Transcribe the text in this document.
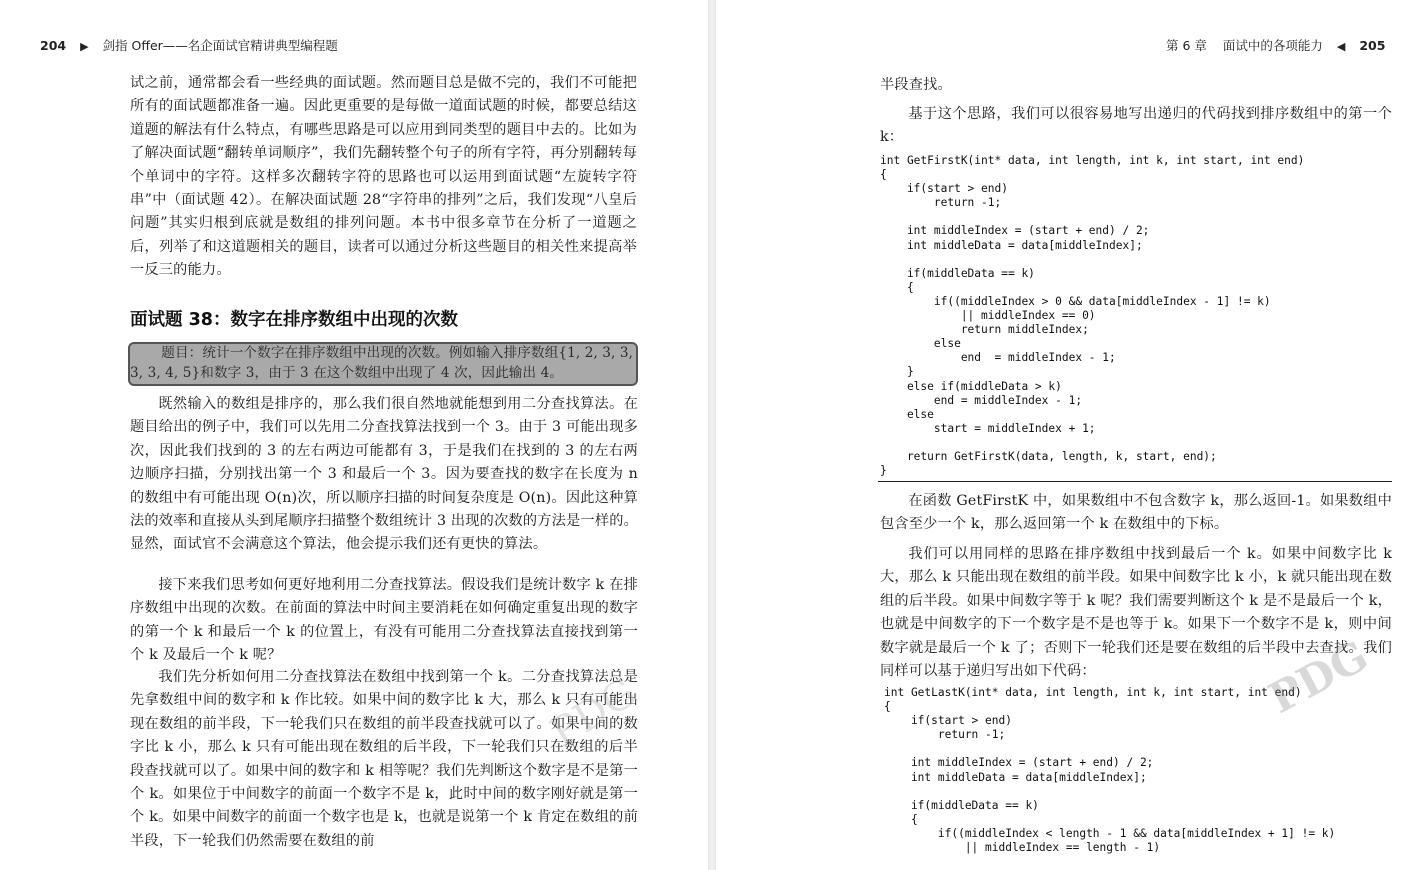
204 ▶ 剑指 Offer——名企面试官精讲典型编程题

试之前，通常都会看一些经典的面试题。然而题目总是做不完的，我们不可能把所有的面试题都准备一遍。因此更重要的是每做一道面试题的时候，都要总结这道题的解法有什么特点，有哪些思路是可以应用到同类型的题目中去的。比如为了解决面试题“翻转单词顺序”，我们先翻转整个句子的所有字符，再分别翻转每个单词中的字符。这样多次翻转字符的思路也可以运用到面试题“左旋转字符串”中（面试题 42）。在解决面试题 28“字符串的排列”之后，我们发现“八皇后问题”其实归根到底就是数组的排列问题。本书中很多章节在分析了一道题之后，列举了和这道题相关的题目，读者可以通过分析这些题目的相关性来提高举一反三的能力。

面试题 38：数字在排序数组中出现的次数

题目：统计一个数字在排序数组中出现的次数。例如输入排序数组{1, 2, 3, 3, 3, 3, 4, 5}和数字 3，由于 3 在这个数组中出现了 4 次，因此输出 4。

既然输入的数组是排序的，那么我们很自然地就能想到用二分查找算法。在题目给出的例子中，我们可以先用二分查找算法找到一个 3。由于 3 可能出现多次，因此我们找到的 3 的左右两边可能都有 3，于是我们在找到的 3 的左右两边顺序扫描，分别找出第一个 3 和最后一个 3。因为要查找的数字在长度为 n 的数组中有可能出现 O(n)次，所以顺序扫描的时间复杂度是 O(n)。因此这种算法的效率和直接从头到尾顺序扫描整个数组统计 3 出现的次数的方法是一样的。显然，面试官不会满意这个算法，他会提示我们还有更快的算法。

接下来我们思考如何更好地利用二分查找算法。假设我们是统计数字 k 在排序数组中出现的次数。在前面的算法中时间主要消耗在如何确定重复出现的数字的第一个 k 和最后一个 k 的位置上，有没有可能用二分查找算法直接找到第一个 k 及最后一个 k 呢？

我们先分析如何用二分查找算法在数组中找到第一个 k。二分查找算法总是先拿数组中间的数字和 k 作比较。如果中间的数字比 k 大，那么 k 只有可能出现在数组的前半段，下一轮我们只在数组的前半段查找就可以了。如果中间的数字比 k 小，那么 k 只有可能出现在数组的后半段，下一轮我们只在数组的后半段查找就可以了。如果中间的数字和 k 相等呢？我们先判断这个数字是不是第一个 k。如果位于中间数字的前面一个数字不是 k，此时中间的数字刚好就是第一个 k。如果中间数字的前面一个数字也是 k，也就是说第一个 k 肯定在数组的前半段，下一轮我们仍然需要在数组的前

PDG
第 6 章 面试中的各项能力 ◀ 205

半段查找。

基于这个思路，我们可以很容易地写出递归的代码找到排序数组中的第一个 k：

int GetFirstK(int* data, int length, int k, int start, int end)
{
if(start > end)
return -1;

int middleIndex = (start + end) / 2;
int middleData = data[middleIndex];

if(middleData == k)
{
if((middleIndex > 0 && data[middleIndex - 1] != k)
|| middleIndex == 0)
return middleIndex;
else
end  = middleIndex - 1;
}
else if(middleData > k)
end = middleIndex - 1;
else
start = middleIndex + 1;

return GetFirstK(data, length, k, start, end);
}

在函数 GetFirstK 中，如果数组中不包含数字 k，那么返回-1。如果数组中包含至少一个 k，那么返回第一个 k 在数组中的下标。

我们可以用同样的思路在排序数组中找到最后一个 k。如果中间数字比 k 大，那么 k 只能出现在数组的前半段。如果中间数字比 k 小，k 就只能出现在数组的后半段。如果中间数字等于 k 呢？我们需要判断这个 k 是不是最后一个 k，也就是中间数字的下一个数字是不是也等于 k。如果下一个数字不是 k，则中间数字就是最后一个 k 了；否则下一轮我们还是要在数组的后半段中去查找。我们同样可以基于递归写出如下代码：

int GetLastK(int* data, int length, int k, int start, int end)
{
if(start > end)
return -1;

int middleIndex = (start + end) / 2;
int middleData = data[middleIndex];

if(middleData == k)
{
if((middleIndex < length - 1 && data[middleIndex + 1] != k)
|| middleIndex == length - 1)
PDG
